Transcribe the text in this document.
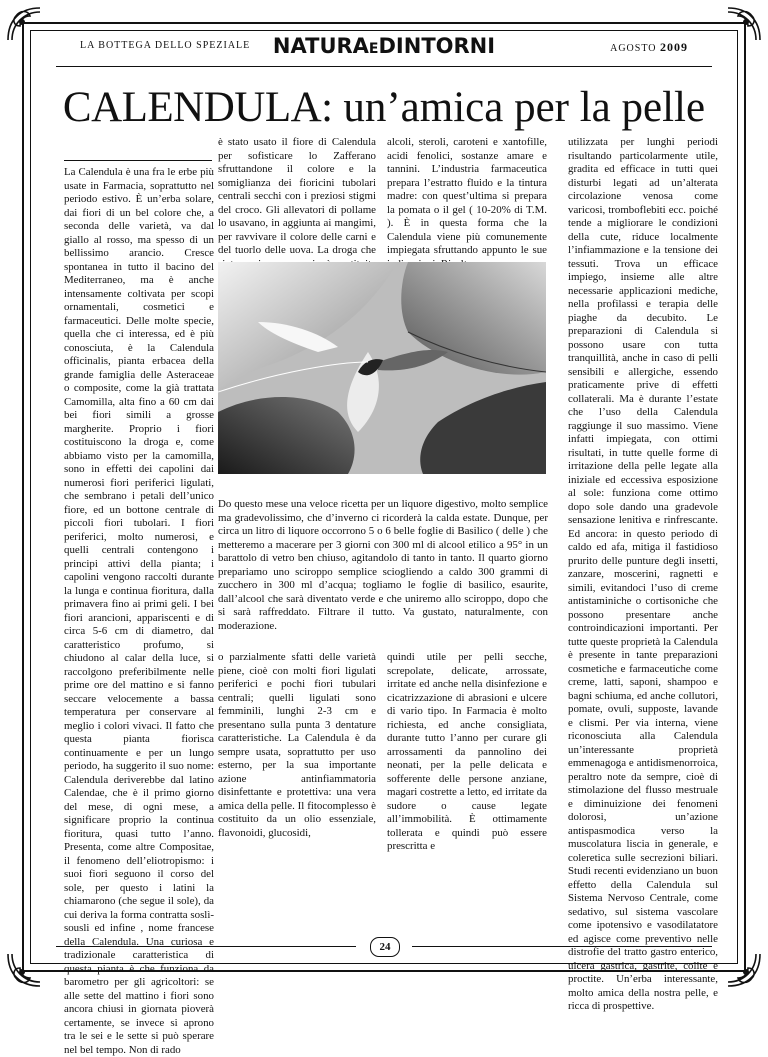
LA BOTTEGA DELLO SPEZIALE	NATURAEDINTORNI	AGOSTO 2009
CALENDULA: un’amica per la pelle

La Calendula è una fra le erbe più usate in Farmacia, soprattutto nel periodo estivo. È un’erba solare, dai fiori di un bel colore che, a seconda delle varietà, va dal giallo al rosso, ma spesso di un bellissimo arancio. Cresce spontanea in tutto il bacino del Mediterraneo, ma è anche intensamente coltivata per scopi ornamentali, cosmetici e farmaceutici. Delle molte specie, quella che ci interessa, ed è più conosciuta, è la Calendula officinalis, pianta erbacea della grande famiglia delle Asteraceae o composite, come la già trattata Camomilla, alta fino a 60 cm dai bei fiori simili a grosse margherite. Proprio i fiori costituiscono la droga e, come abbiamo visto per la camomilla, sono in effetti dei capolini dai numerosi fiori periferici ligulati, che sembrano i petali dell’unico fiore, ed un bottone centrale di piccoli fiori tubolari. I fiori periferici, molto numerosi, e quelli centrali contengono i principi attivi della pianta; i capolini vengono raccolti durante la lunga e continua fioritura, dalla primavera fino ai primi geli. I bei fiori arancioni, appariscenti e di circa 5-6 cm di diametro, dal caratteristico profumo, si chiudono al calar della luce, si raccolgono preferibilmente nelle prime ore del mattino e si fanno seccare velocemente a bassa temperatura per conservare al meglio i colori vivaci. Il fatto che questa pianta fiorisca continuamente e per un lungo periodo, ha suggerito il suo nome: Calendula deriverebbe dal latino Calendae, che è il primo giorno del mese, di ogni mese, a significare proprio la continua fioritura, quasi tutto l’anno. Presenta, come altre Compositae, il fenomeno dell’eliotropismo: i suoi fiori seguono il corso del sole, per questo i latini la chiamarono (che segue il sole), da cui deriva la forma contratta soslì-sousli ed infine , nome francese della Calendula. Una curiosa e tradizionale caratteristica di questa pianta è che funziona da barometro per gli agricoltori: se alle sette del mattino i fiori sono ancora chiusi in giornata pioverà certamente, se invece si aprono tra le sei e le sette si può sperare nel bel tempo. Non di rado

è stato usato il fiore di Calendula per sofisticare lo Zafferano sfruttandone il colore e la somiglianza dei fioricini tubolari centrali secchi con i preziosi stigmi del croco. Gli allevatori di pollame lo usavano, in aggiunta ai mangimi, per ravvivare il colore delle carni e del tuorlo delle uova. La droga che

alcoli, steroli, caroteni e xantofille, acidi fenolici, sostanze amare e tannini. L’industria farmaceutica prepara l’estratto fluido e la tintura madre: con quest’ultima si prepara la pomata o il gel ( 10-20% di T.M. ). È in questa forma che la Calendula viene più comunemente impiegata sfruttando appunto le sue

utilizzata per lunghi periodi risultando particolarmente utile, gradita ed efficace in tutti quei disturbi legati ad un’alterata circolazione venosa come varicosi, tromboflebiti ecc. poiché tende a migliorare le condizioni della cute, riduce localmente l’infiammazione e la tensione dei tessuti. Trova un efficace impiego, insieme alle altre necessarie applicazioni mediche, nella profilassi e terapia delle piaghe da decubito. Le preparazioni di Calendula si possono usare con tutta tranquillità, anche in caso di pelli sensibili e allergiche, essendo praticamente prive di effetti collaterali. Ma è durante l’estate che l’uso della Calendula raggiunge il suo massimo. Viene infatti impiegata, con ottimi risultati, in tutte quelle forme di irritazione della pelle legate alla iniziale ed eccessiva esposizione al sole: funziona come ottimo dopo sole dando una gradevole sensazione lenitiva e rinfrescante. Ed ancora: in questo periodo di caldo ed afa, mitiga il fastidioso prurito delle punture degli insetti, zanzare, moscerini, ragnetti e simili, evitandoci l’uso di creme antistaminiche o cortisoniche che possono presentare anche controindicazioni importanti. Per tutte queste proprietà la Calendula è presente in tante preparazioni cosmetiche e farmaceutiche come creme, latti, saponi, shampoo e bagni schiuma, ed anche collutori, pomate, ovuli, supposte, lavande e clismi. Per via interna, viene riconosciuta alla Calendula un’interessante proprietà emmenagoga e antidismenorroica, peraltro note da sempre, cioè di stimolazione del flusso mestruale e diminuizione dei fenomeni dolorosi, un’azione antispasmodica verso la muscolatura liscia in generale, e coleretica sulle secrezioni biliari. Studi recenti evidenziano un buon effetto della Calendula sul Sistema Nervoso Centrale, come sedativo, sul sistema vascolare come ipotensivo e vasodilatatore ed agisce come preventivo nelle distrofie del tratto gastro enterico, ulcera gastrica, gastrite, colite e proctite. Un’erba interessante, molto amica della nostra pelle, e ricca di prospettive.

Do questo mese una veloce ricetta per un liquore digestivo, molto semplice ma gradevolissimo, che d’inverno ci ricorderà la calda estate. Dunque, per circa un litro di liquore occorrono 5 o 6 belle foglie di Basilico ( delle ) che metteremo a macerare per 3 giorni con 300 ml di alcool etilico a 95° in un barattolo di vetro ben chiuso, agitandolo di tanto in tanto. Il quarto giorno prepariamo uno sciroppo semplice sciogliendo a caldo 300 grammi di zucchero in 300 ml d’acqua; togliamo le foglie di basilico, esaurite, dall’alcool che sarà diventato verde e che uniremo allo sciroppo, dopo che si sarà raffreddato. Filtrare il tutto. Va gustato, naturalmente, con moderazione.

o parzialmente sfatti delle varietà piene, cioè con molti fiori ligulati periferici e pochi fiori tubulari centrali; quelli ligulati sono femminili, lunghi 2-3 cm e presentano sulla punta 3 dentature caratteristiche. La Calendula è da sempre usata, soprattutto per uso esterno, per la sua importante azione antinfiammatoria disinfettante e protettiva: una vera amica della pelle. Il fitocomplesso è costituito da un olio essenziale, flavonoidi, glucosidi,

quindi utile per pelli secche, screpolate, delicate, arrossate, irritate ed anche nella disinfezione e cicatrizzazione di abrasioni e ulcere di vario tipo. In Farmacia è molto richiesta, ed anche consigliata, durante tutto l’anno per curare gli arrossamenti da pannolino dei neonati, per la pelle delicata e sofferente delle persone anziane, magari costrette a letto, ed irritate da sudore o cause legate all’immobilità. È ottimamente tollerata e quindi può essere prescritta e

24
